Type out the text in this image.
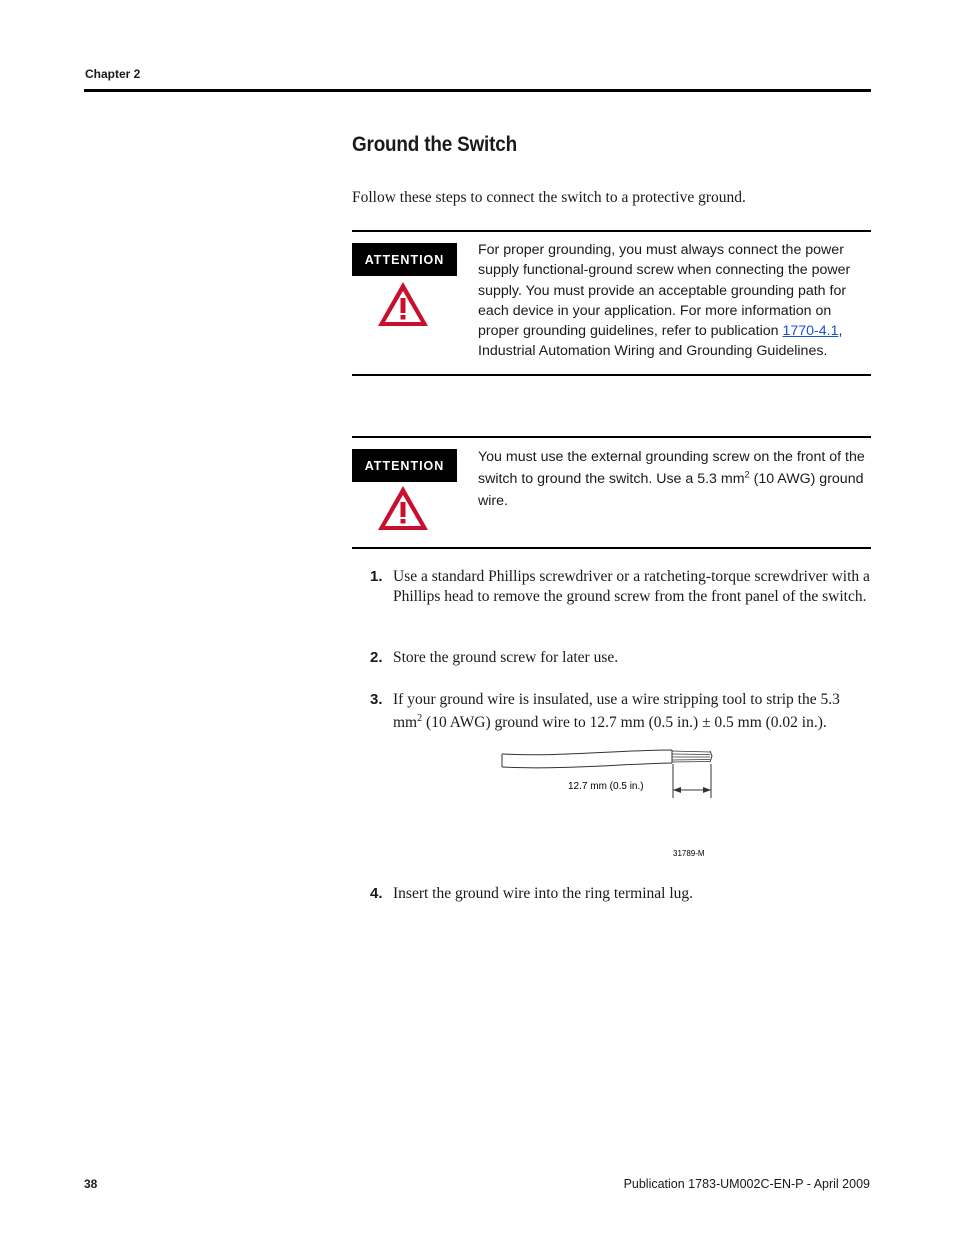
Chapter 2
Ground the Switch
Follow these steps to connect the switch to a protective ground.
ATTENTION
For proper grounding, you must always connect the power supply functional-ground screw when connecting the power supply. You must provide an acceptable grounding path for each device in your application. For more information on proper grounding guidelines, refer to publication 1770-4.1, Industrial Automation Wiring and Grounding Guidelines.
ATTENTION
You must use the external grounding screw on the front of the switch to ground the switch. Use a 5.3 $mm^2$ (10 AWG) ground wire.
1. Use a standard Phillips screwdriver or a ratcheting-torque screwdriver with a Phillips head to remove the ground screw from the front panel of the switch.
2. Store the ground screw for later use.
3. If your ground wire is insulated, use a wire stripping tool to strip the 5.3 $mm^2$ (10 AWG) ground wire to 12.7 mm (0.5 in.) ± 0.5 mm (0.02 in.).
12.7 mm (0.5 in.)
31789-M
4. Insert the ground wire into the ring terminal lug.
38	Publication 1783-UM002C-EN-P - April 2009
